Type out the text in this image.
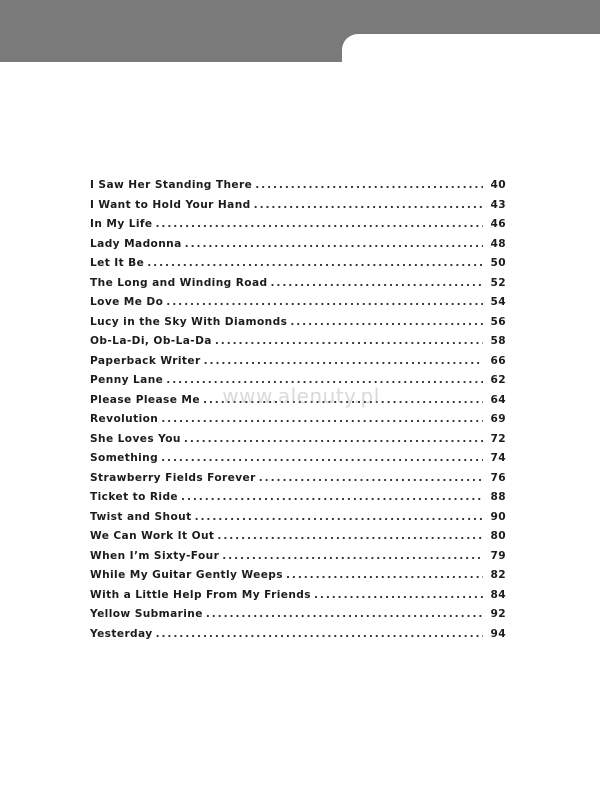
I Saw Her Standing There .....	40
I Want to Hold Your Hand .....	43
In My Life .....	46
Lady Madonna .....	48
Let It Be .....	50
The Long and Winding Road .....	52
Love Me Do .....	54
Lucy in the Sky With Diamonds .....	56
Ob-La-Di, Ob-La-Da .....	58
Paperback Writer .....	66
Penny Lane .....	62
Please Please Me .....	64
Revolution .....	69
She Loves You .....	72
Something .....	74
Strawberry Fields Forever .....	76
Ticket to Ride .....	88
Twist and Shout .....	90
We Can Work It Out .....	80
When I’m Sixty-Four .....	79
While My Guitar Gently Weeps .....	82
With a Little Help From My Friends .....	84
Yellow Submarine .....	92
Yesterday .....	94
www.alenuty.pl
